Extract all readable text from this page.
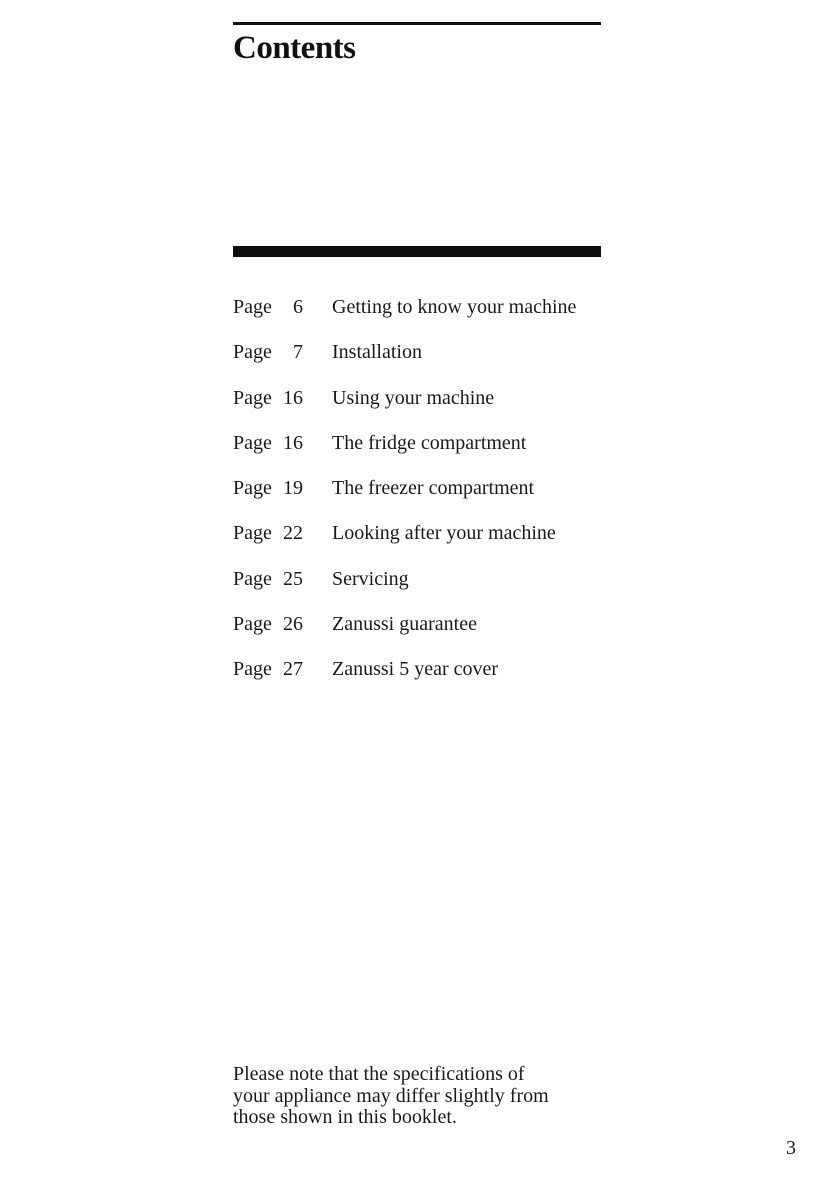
Contents
Page	6 Getting to know your machine
Page	7 Installation
Page 16 Using your machine
Page 16 The fridge compartment
Page 19 The freezer compartment
Page 22 Looking after your machine
Page 25 Servicing
Page 26 Zanussi guarantee
Page 27 Zanussi 5 year cover

Please note that the specifications of
your appliance may differ slightly from
those shown in this booklet.

3
